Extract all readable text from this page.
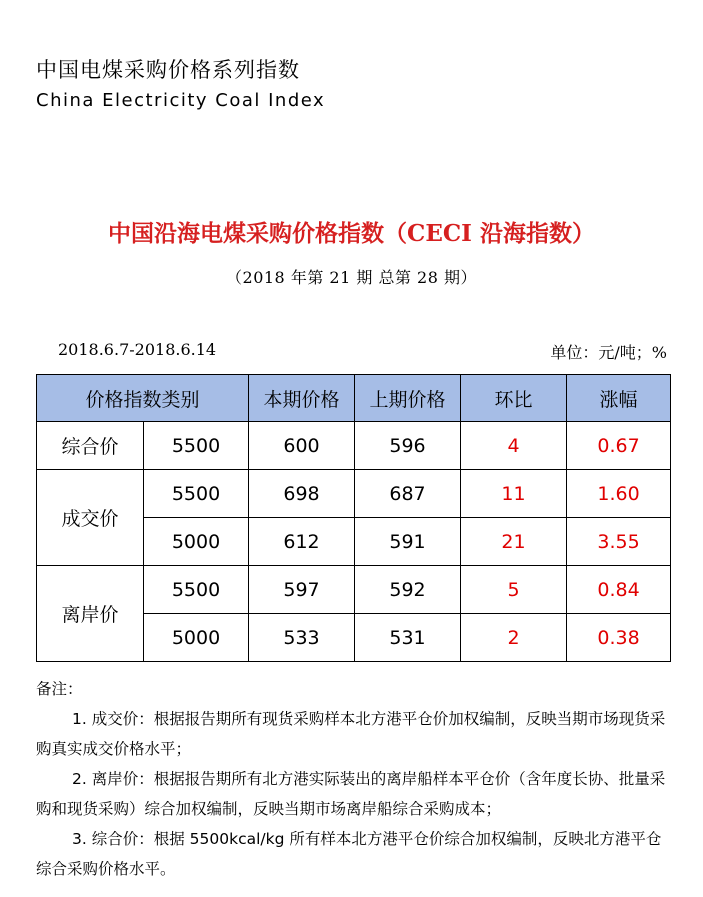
中国电煤采购价格系列指数
China Electricity Coal Index
中国沿海电煤采购价格指数（CECI 沿海指数）
（2018 年第 21 期 总第 28 期）
2018.6.7-2018.6.14	单位：元/吨；%
价格指数类别		本期价格	上期价格	环比	涨幅
综合价	5500	600	596	4	0.67
成交价	5500	698	687	11	1.60
	5000	612	591	21	3.55
离岸价	5500	597	592	5	0.84
	5000	533	531	2	0.38

备注：

1. 成交价：根据报告期所有现货采购样本北方港平仓价加权编制，反映当期市场现货采购真实成交价格水平；

2. 离岸价：根据报告期所有北方港实际装出的离岸船样本平仓价（含年度长协、批量采购和现货采购）综合加权编制，反映当期市场离岸船综合采购成本；

3. 综合价：根据 5500kcal/kg 所有样本北方港平仓价综合加权编制，反映北方港平仓综合采购价格水平。
